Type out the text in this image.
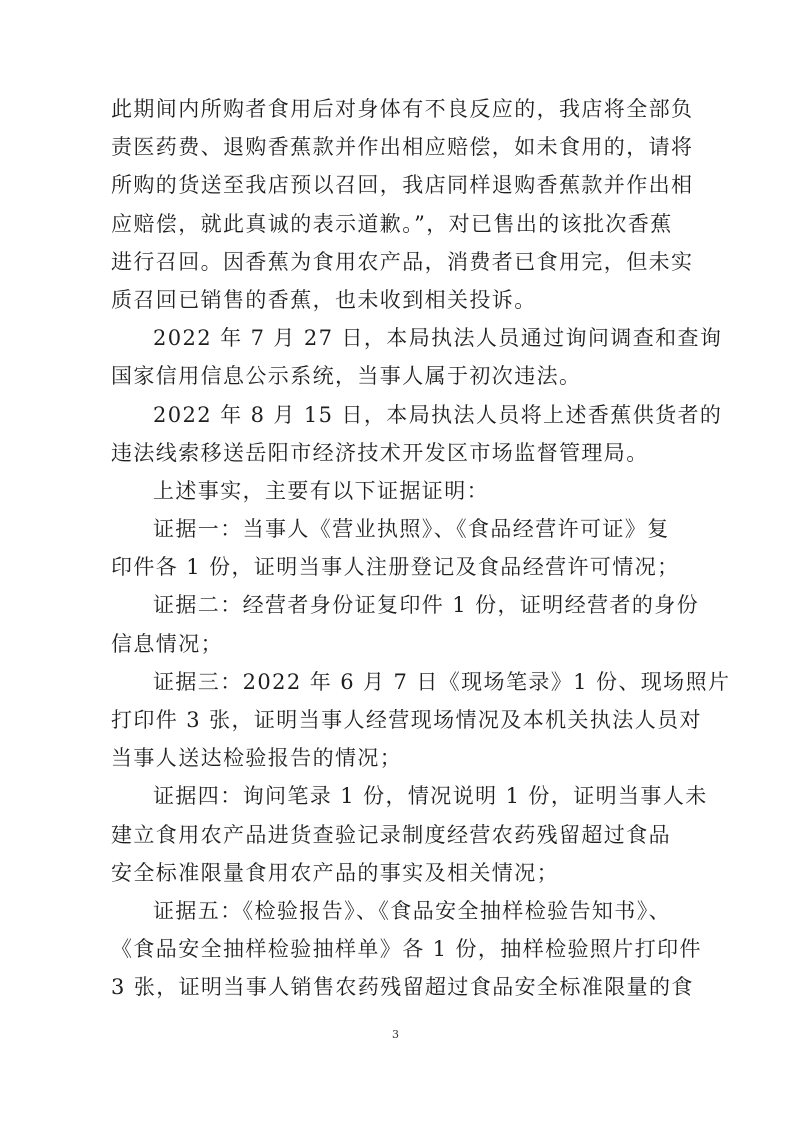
此期间内所购者食用后对身体有不良反应的，我店将全部负
责医药费、退购香蕉款并作出相应赔偿，如未食用的，请将
所购的货送至我店预以召回，我店同样退购香蕉款并作出相
应赔偿，就此真诚的表示道歉。”，对已售出的该批次香蕉
进行召回。因香蕉为食用农产品，消费者已食用完，但未实
质召回已销售的香蕉，也未收到相关投诉。
2022 年 7 月 27 日，本局执法人员通过询问调查和查询
国家信用信息公示系统，当事人属于初次违法。
2022 年 8 月 15 日，本局执法人员将上述香蕉供货者的
违法线索移送岳阳市经济技术开发区市场监督管理局。
上述事实，主要有以下证据证明：
证据一：当事人《营业执照》、《食品经营许可证》复
印件各 1 份，证明当事人注册登记及食品经营许可情况；
证据二：经营者身份证复印件 1 份，证明经营者的身份
信息情况；
证据三：2022 年 6 月 7 日《现场笔录》1 份、现场照片
打印件 3 张，证明当事人经营现场情况及本机关执法人员对
当事人送达检验报告的情况；
证据四：询问笔录 1 份，情况说明 1 份，证明当事人未
建立食用农产品进货查验记录制度经营农药残留超过食品
安全标准限量食用农产品的事实及相关情况；
证据五：《检验报告》、《食品安全抽样检验告知书》、
《食品安全抽样检验抽样单》各 1 份，抽样检验照片打印件
3 张，证明当事人销售农药残留超过食品安全标准限量的食
3
